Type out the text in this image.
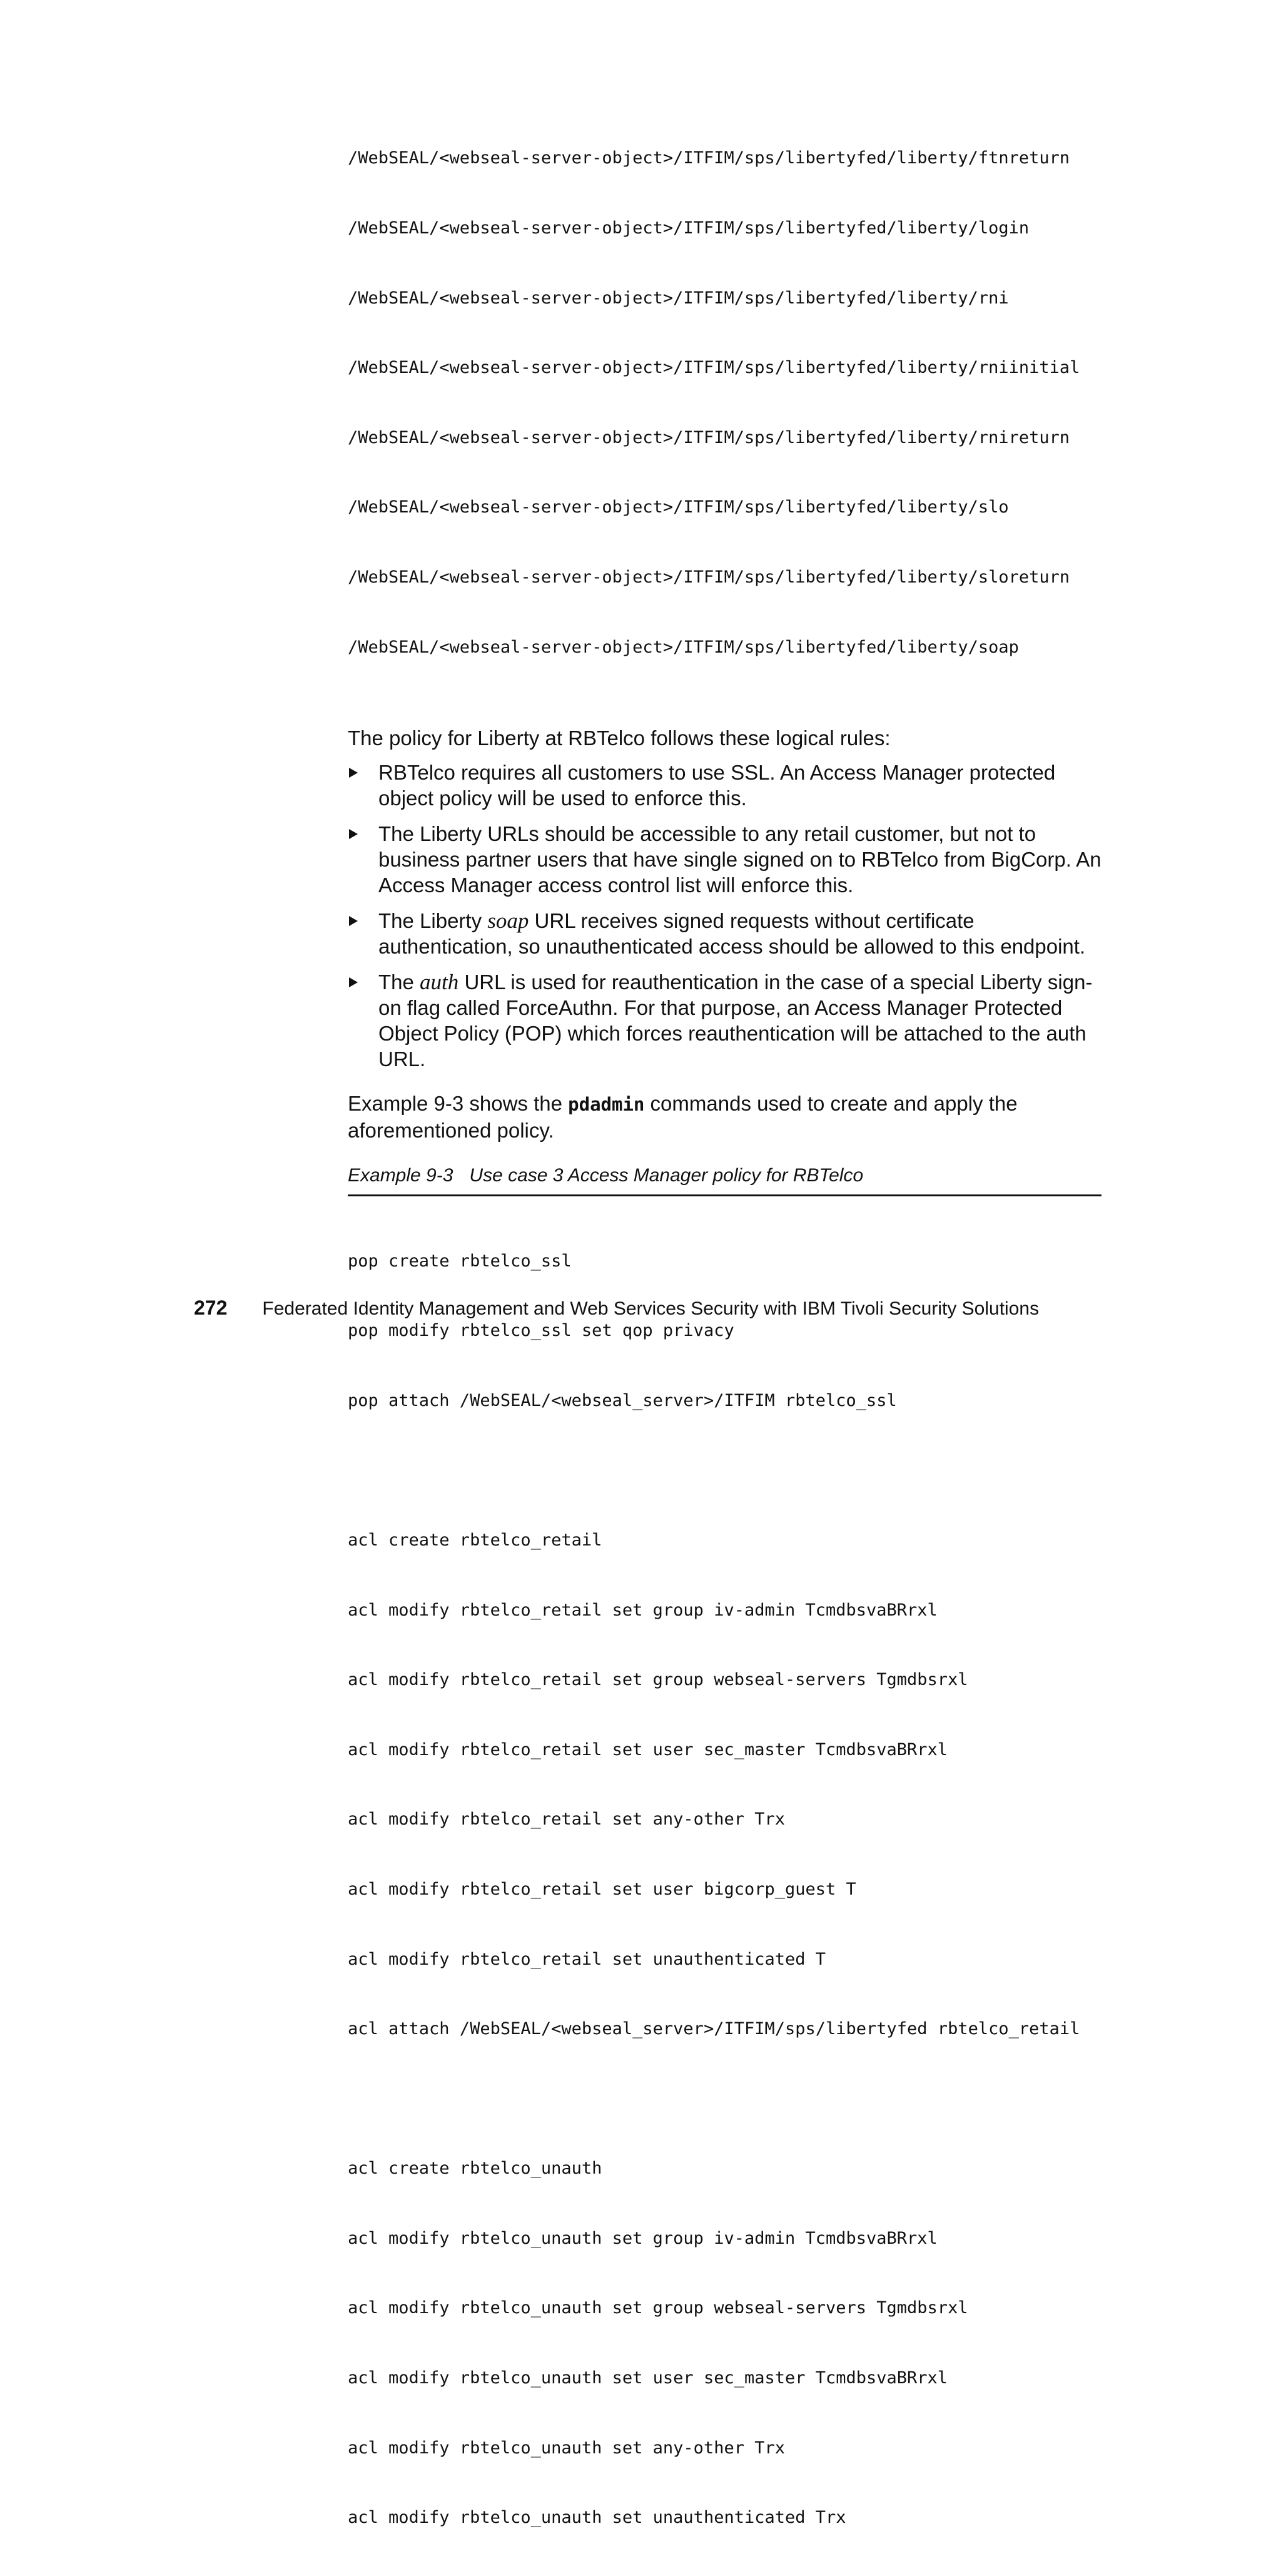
/WebSEAL/<webseal-server-object>/ITFIM/sps/libertyfed/liberty/ftnreturn

/WebSEAL/<webseal-server-object>/ITFIM/sps/libertyfed/liberty/login

/WebSEAL/<webseal-server-object>/ITFIM/sps/libertyfed/liberty/rni

/WebSEAL/<webseal-server-object>/ITFIM/sps/libertyfed/liberty/rniinitial

/WebSEAL/<webseal-server-object>/ITFIM/sps/libertyfed/liberty/rnireturn

/WebSEAL/<webseal-server-object>/ITFIM/sps/libertyfed/liberty/slo

/WebSEAL/<webseal-server-object>/ITFIM/sps/libertyfed/liberty/sloreturn

/WebSEAL/<webseal-server-object>/ITFIM/sps/libertyfed/liberty/soap

The policy for Liberty at RBTelco follows these logical rules:

RBTelco requires all customers to use SSL. An Access Manager protected object policy will be used to enforce this.
The Liberty URLs should be accessible to any retail customer, but not to business partner users that have single signed on to RBTelco from BigCorp. An Access Manager access control list will enforce this.
The Liberty soap URL receives signed requests without certificate authentication, so unauthenticated access should be allowed to this endpoint.
The auth URL is used for reauthentication in the case of a special Liberty sign-on flag called ForceAuthn. For that purpose, an Access Manager Protected Object Policy (POP) which forces reauthentication will be attached to the auth URL.

Example 9-3 shows the pdadmin commands used to create and apply the aforementioned policy.

Example 9-3 Use case 3 Access Manager policy for RBTelco

pop create rbtelco_ssl

pop modify rbtelco_ssl set qop privacy

pop attach /WebSEAL/<webseal_server>/ITFIM rbtelco_ssl

acl create rbtelco_retail

acl modify rbtelco_retail set group iv-admin TcmdbsvaBRrxl

acl modify rbtelco_retail set group webseal-servers Tgmdbsrxl

acl modify rbtelco_retail set user sec_master TcmdbsvaBRrxl

acl modify rbtelco_retail set any-other Trx

acl modify rbtelco_retail set user bigcorp_guest T

acl modify rbtelco_retail set unauthenticated T

acl attach /WebSEAL/<webseal_server>/ITFIM/sps/libertyfed rbtelco_retail

acl create rbtelco_unauth

acl modify rbtelco_unauth set group iv-admin TcmdbsvaBRrxl

acl modify rbtelco_unauth set group webseal-servers Tgmdbsrxl

acl modify rbtelco_unauth set user sec_master TcmdbsvaBRrxl

acl modify rbtelco_unauth set any-other Trx

acl modify rbtelco_unauth set unauthenticated Trx

272 Federated Identity Management and Web Services Security with IBM Tivoli Security Solutions
